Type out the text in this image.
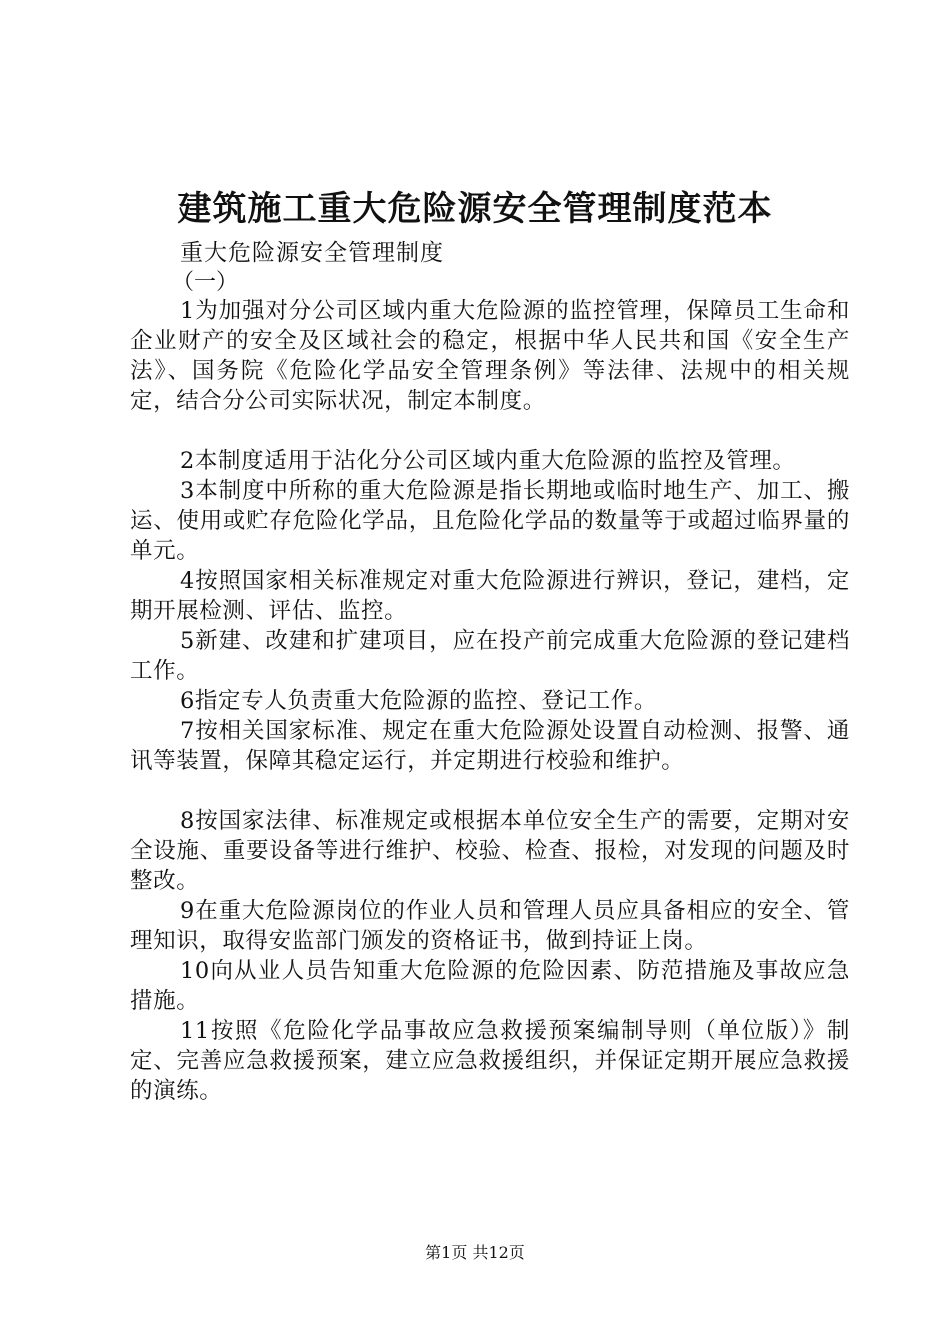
建筑施工重大危险源安全管理制度范本

重大危险源安全管理制度

（一）

1为加强对分公司区域内重大危险源的监控管理，保障员工生命和企业财产的安全及区域社会的稳定，根据中华人民共和国《安全生产法》、国务院《危险化学品安全管理条例》等法律、法规中的相关规定，结合分公司实际状况，制定本制度。

2本制度适用于沾化分公司区域内重大危险源的监控及管理。

3本制度中所称的重大危险源是指长期地或临时地生产、加工、搬运、使用或贮存危险化学品，且危险化学品的数量等于或超过临界量的单元。

4按照国家相关标准规定对重大危险源进行辨识，登记，建档，定期开展检测、评估、监控。

5新建、改建和扩建项目，应在投产前完成重大危险源的登记建档工作。

6指定专人负责重大危险源的监控、登记工作。

7按相关国家标准、规定在重大危险源处设置自动检测、报警、通讯等装置，保障其稳定运行，并定期进行校验和维护。

8按国家法律、标准规定或根据本单位安全生产的需要，定期对安全设施、重要设备等进行维护、校验、检查、报检，对发现的问题及时整改。

9在重大危险源岗位的作业人员和管理人员应具备相应的安全、管理知识，取得安监部门颁发的资格证书，做到持证上岗。

10向从业人员告知重大危险源的危险因素、防范措施及事故应急措施。

11按照《危险化学品事故应急救援预案编制导则（单位版）》制定、完善应急救援预案，建立应急救援组织，并保证定期开展应急救援的演练。

第1页 共12页
